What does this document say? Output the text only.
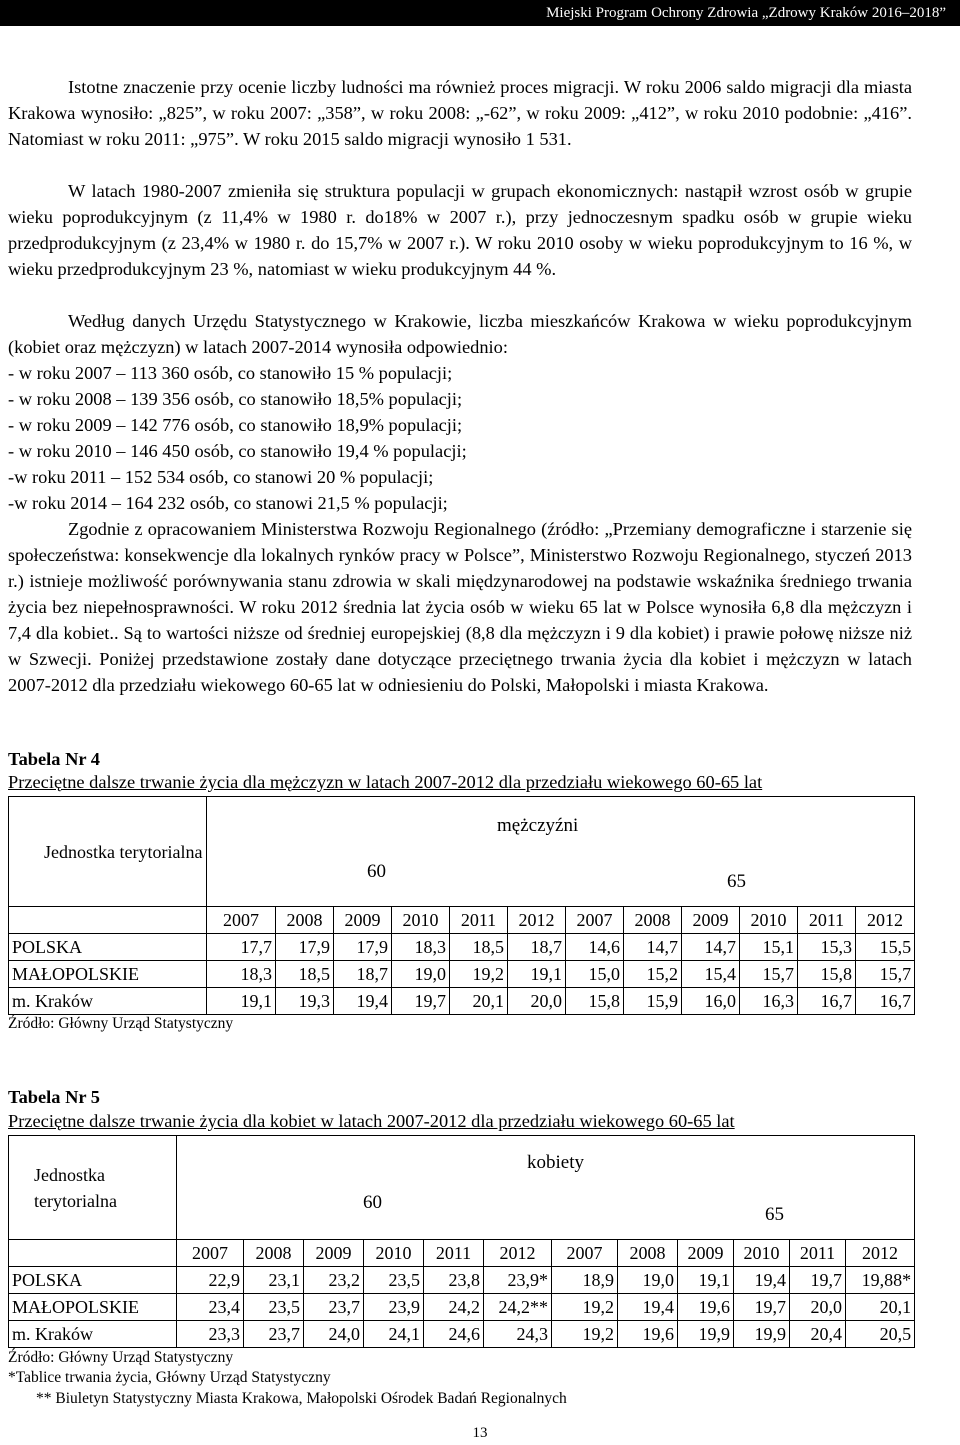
Miejski Program Ochrony Zdrowia „Zdrowy Kraków 2016–2018”

Istotne znaczenie przy ocenie liczby ludności ma również proces migracji. W roku 2006 saldo migracji dla miasta Krakowa wynosiło: „825”, w roku 2007: „358”, w roku 2008: „-62”, w roku 2009: „412”, w roku 2010 podobnie: „416”. Natomiast w roku 2011: „975”. W roku 2015 saldo migracji wynosiło 1 531.

W latach 1980-2007 zmieniła się struktura populacji w grupach ekonomicznych: nastąpił wzrost osób w grupie wieku poprodukcyjnym (z 11,4% w 1980 r. do18% w 2007 r.), przy jednoczesnym spadku osób w grupie wieku przedprodukcyjnym (z 23,4% w 1980 r. do 15,7% w 2007 r.). W roku 2010 osoby w wieku poprodukcyjnym to 16 %, w wieku przedprodukcyjnym 23 %, natomiast w wieku produkcyjnym 44 %.

Według danych Urzędu Statystycznego w Krakowie, liczba mieszkańców Krakowa w wieku poprodukcyjnym (kobiet oraz mężczyzn) w latach 2007-2014 wynosiła odpowiednio:

- w roku 2007 – 113 360 osób, co stanowiło 15 % populacji;
- w roku 2008 – 139 356 osób, co stanowiło 18,5% populacji;
- w roku 2009 – 142 776 osób, co stanowiło 18,9% populacji;
- w roku 2010 – 146 450 osób, co stanowiło 19,4 % populacji;
-w roku 2011 – 152 534 osób, co stanowi 20 % populacji;
-w roku 2014 – 164 232 osób, co stanowi 21,5 % populacji;

Zgodnie z opracowaniem Ministerstwa Rozwoju Regionalnego (źródło: „Przemiany demograficzne i starzenie się społeczeństwa: konsekwencje dla lokalnych rynków pracy w Polsce”, Ministerstwo Rozwoju Regionalnego, styczeń 2013 r.) istnieje możliwość porównywania stanu zdrowia w skali międzynarodowej na podstawie wskaźnika średniego trwania życia bez niepełnosprawności. W roku 2012 średnia lat życia osób w wieku 65 lat w Polsce wynosiła 6,8 dla mężczyzn i 7,4 dla kobiet.. Są to wartości niższe od średniej europejskiej (8,8 dla mężczyzn i 9 dla kobiet) i prawie połowę niższe niż w Szwecji. Poniżej przedstawione zostały dane dotyczące przeciętnego trwania życia dla kobiet i mężczyzn w latach 2007-2012 dla przedziału wiekowego 60-65 lat w odniesieniu do Polski, Małopolski i miasta Krakowa.

Tabela Nr 4
Przeciętne dalsze trwanie życia dla mężczyzn w latach 2007-2012 dla przedziału wiekowego 60-65 lat
Jednostka terytorialna	mężczyźni
60 65											

	2007	2008	2009	2010	2011	2012	2007	2008	2009	2010	2011	2012
POLSKA	17,7	17,9	17,9	18,3	18,5	18,7	14,6	14,7	14,7	15,1	15,3	15,5
MAŁOPOLSKIE	18,3	18,5	18,7	19,0	19,2	19,1	15,0	15,2	15,4	15,7	15,8	15,7
m. Kraków	19,1	19,3	19,4	19,7	20,1	20,0	15,8	15,9	16,0	16,3	16,7	16,7
Źródło: Główny Urząd Statystyczny
Tabela Nr 5
Przeciętne dalsze trwanie życia dla kobiet w latach 2007-2012 dla przedziału wiekowego 60-65 lat
Jednostka terytorialna	kobiety
60
65											

	2007	2008	2009	2010	2011	2012	2007	2008	2009	2010	2011	2012
POLSKA	22,9	23,1	23,2	23,5	23,8	23,9*	18,9	19,0	19,1	19,4	19,7	19,88*
MAŁOPOLSKIE	23,4	23,5	23,7	23,9	24,2	24,2**	19,2	19,4	19,6	19,7	20,0	20,1
m. Kraków	23,3	23,7	24,0	24,1	24,6	24,3	19,2	19,6	19,9	19,9	20,4	20,5
Źródło: Główny Urząd Statystyczny
*Tablice trwania życia, Główny Urząd Statystyczny
** Biuletyn Statystyczny Miasta Krakowa, Małopolski Ośrodek Badań Regionalnych
13
